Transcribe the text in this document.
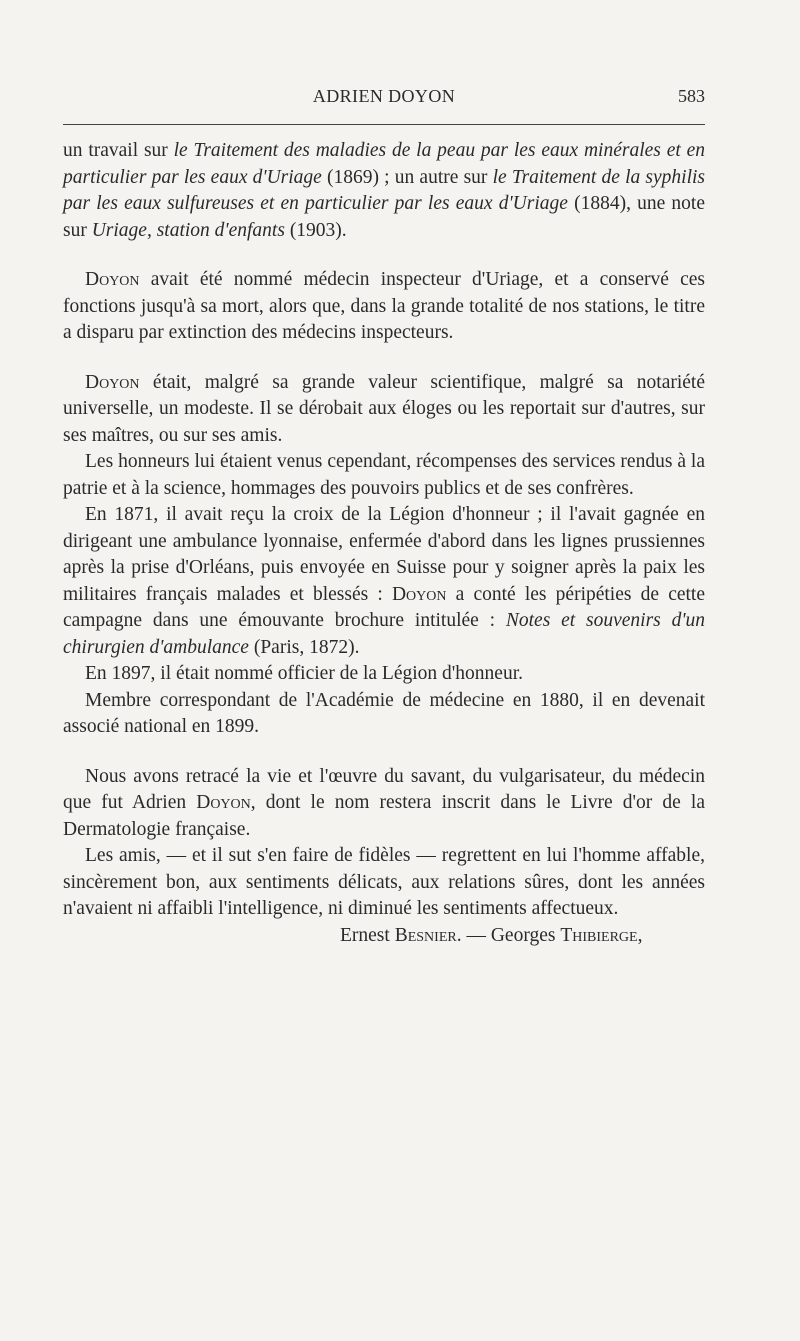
ADRIEN DOYON	583

un travail sur le Traitement des maladies de la peau par les eaux minérales et en particulier par les eaux d'Uriage (1869) ; un autre sur le Traitement de la syphilis par les eaux sulfureuses et en particulier par les eaux d'Uriage (1884), une note sur Uriage, station d'enfants (1903).

Doyon avait été nommé médecin inspecteur d'Uriage, et a conservé ces fonctions jusqu'à sa mort, alors que, dans la grande totalité de nos stations, le titre a disparu par extinction des médecins inspecteurs.

Doyon était, malgré sa grande valeur scientifique, malgré sa notariété universelle, un modeste. Il se dérobait aux éloges ou les reportait sur d'autres, sur ses maîtres, ou sur ses amis.

Les honneurs lui étaient venus cependant, récompenses des services rendus à la patrie et à la science, hommages des pouvoirs publics et de ses confrères.

En 1871, il avait reçu la croix de la Légion d'honneur ; il l'avait gagnée en dirigeant une ambulance lyonnaise, enfermée d'abord dans les lignes prussiennes après la prise d'Orléans, puis envoyée en Suisse pour y soigner après la paix les militaires français malades et blessés : Doyon a conté les péripéties de cette campagne dans une émouvante brochure intitulée : Notes et souvenirs d'un chirurgien d'ambulance (Paris, 1872).

En 1897, il était nommé officier de la Légion d'honneur.

Membre correspondant de l'Académie de médecine en 1880, il en devenait associé national en 1899.

Nous avons retracé la vie et l'œuvre du savant, du vulgarisateur, du médecin que fut Adrien Doyon, dont le nom restera inscrit dans le Livre d'or de la Dermatologie française.

Les amis, — et il sut s'en faire de fidèles — regrettent en lui l'homme affable, sincèrement bon, aux sentiments délicats, aux relations sûres, dont les années n'avaient ni affaibli l'intelligence, ni diminué les sentiments affectueux.

Ernest Besnier. — Georges Thibierge,
